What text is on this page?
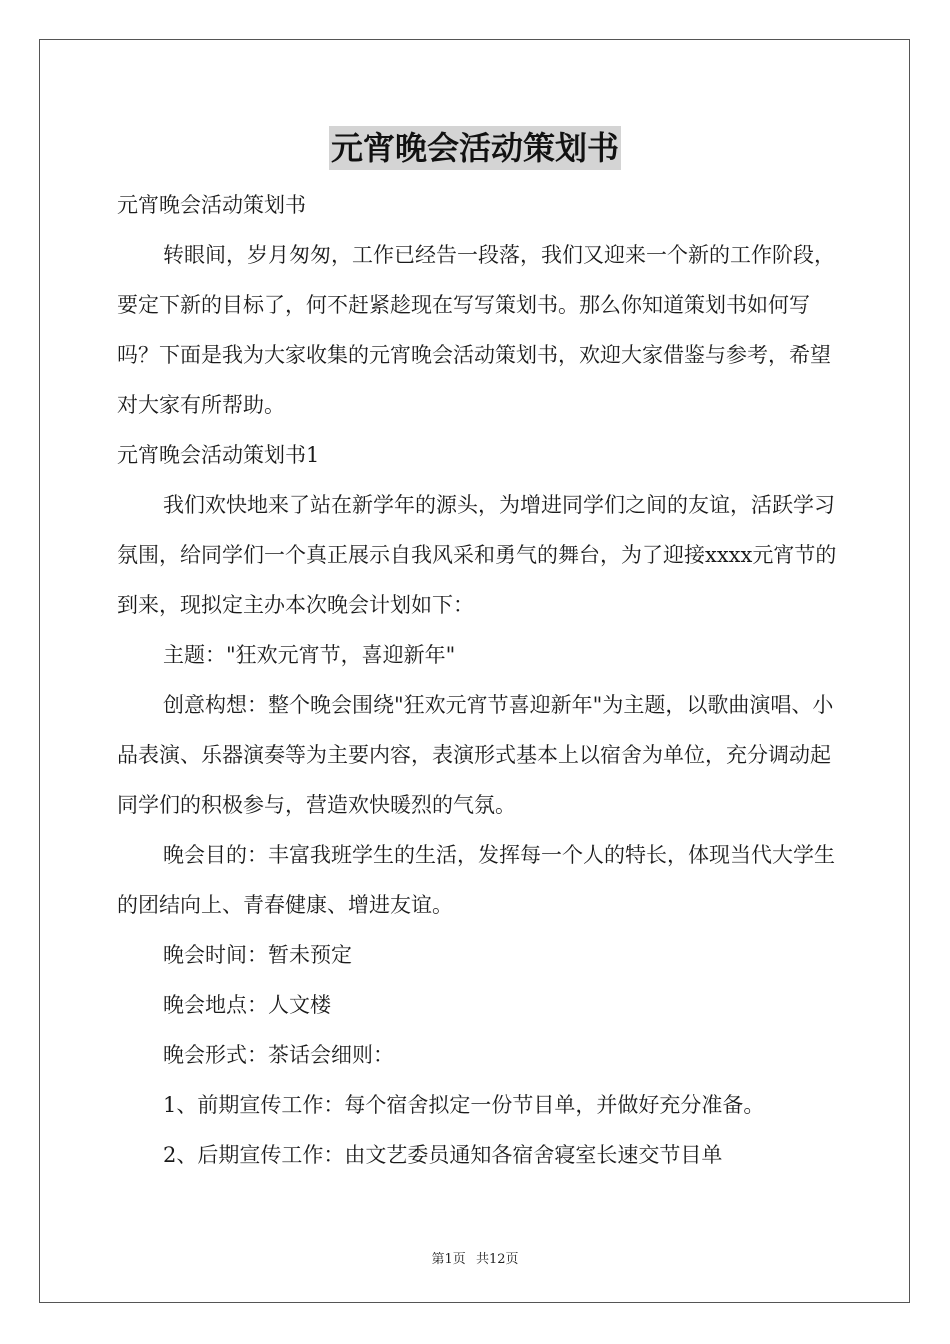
元宵晚会活动策划书

元宵晚会活动策划书

转眼间，岁月匆匆，工作已经告一段落，我们又迎来一个新的工作阶段，要定下新的目标了，何不赶紧趁现在写写策划书。那么你知道策划书如何写吗？下面是我为大家收集的元宵晚会活动策划书，欢迎大家借鉴与参考，希望对大家有所帮助。

元宵晚会活动策划书1

我们欢快地来了站在新学年的源头，为增进同学们之间的友谊，活跃学习氛围，给同学们一个真正展示自我风采和勇气的舞台，为了迎接xxxx元宵节的到来，现拟定主办本次晚会计划如下：

主题："狂欢元宵节，喜迎新年"

创意构想：整个晚会围绕"狂欢元宵节喜迎新年"为主题，以歌曲演唱、小品表演、乐器演奏等为主要内容，表演形式基本上以宿舍为单位，充分调动起同学们的积极参与，营造欢快暖烈的气氛。

晚会目的：丰富我班学生的生活，发挥每一个人的特长，体现当代大学生的团结向上、青春健康、增进友谊。

晚会时间：暂未预定

晚会地点：人文楼

晚会形式：茶话会细则：

1、前期宣传工作：每个宿舍拟定一份节目单，并做好充分准备。

2、后期宣传工作：由文艺委员通知各宿舍寝室长速交节目单

第1页 共12页
